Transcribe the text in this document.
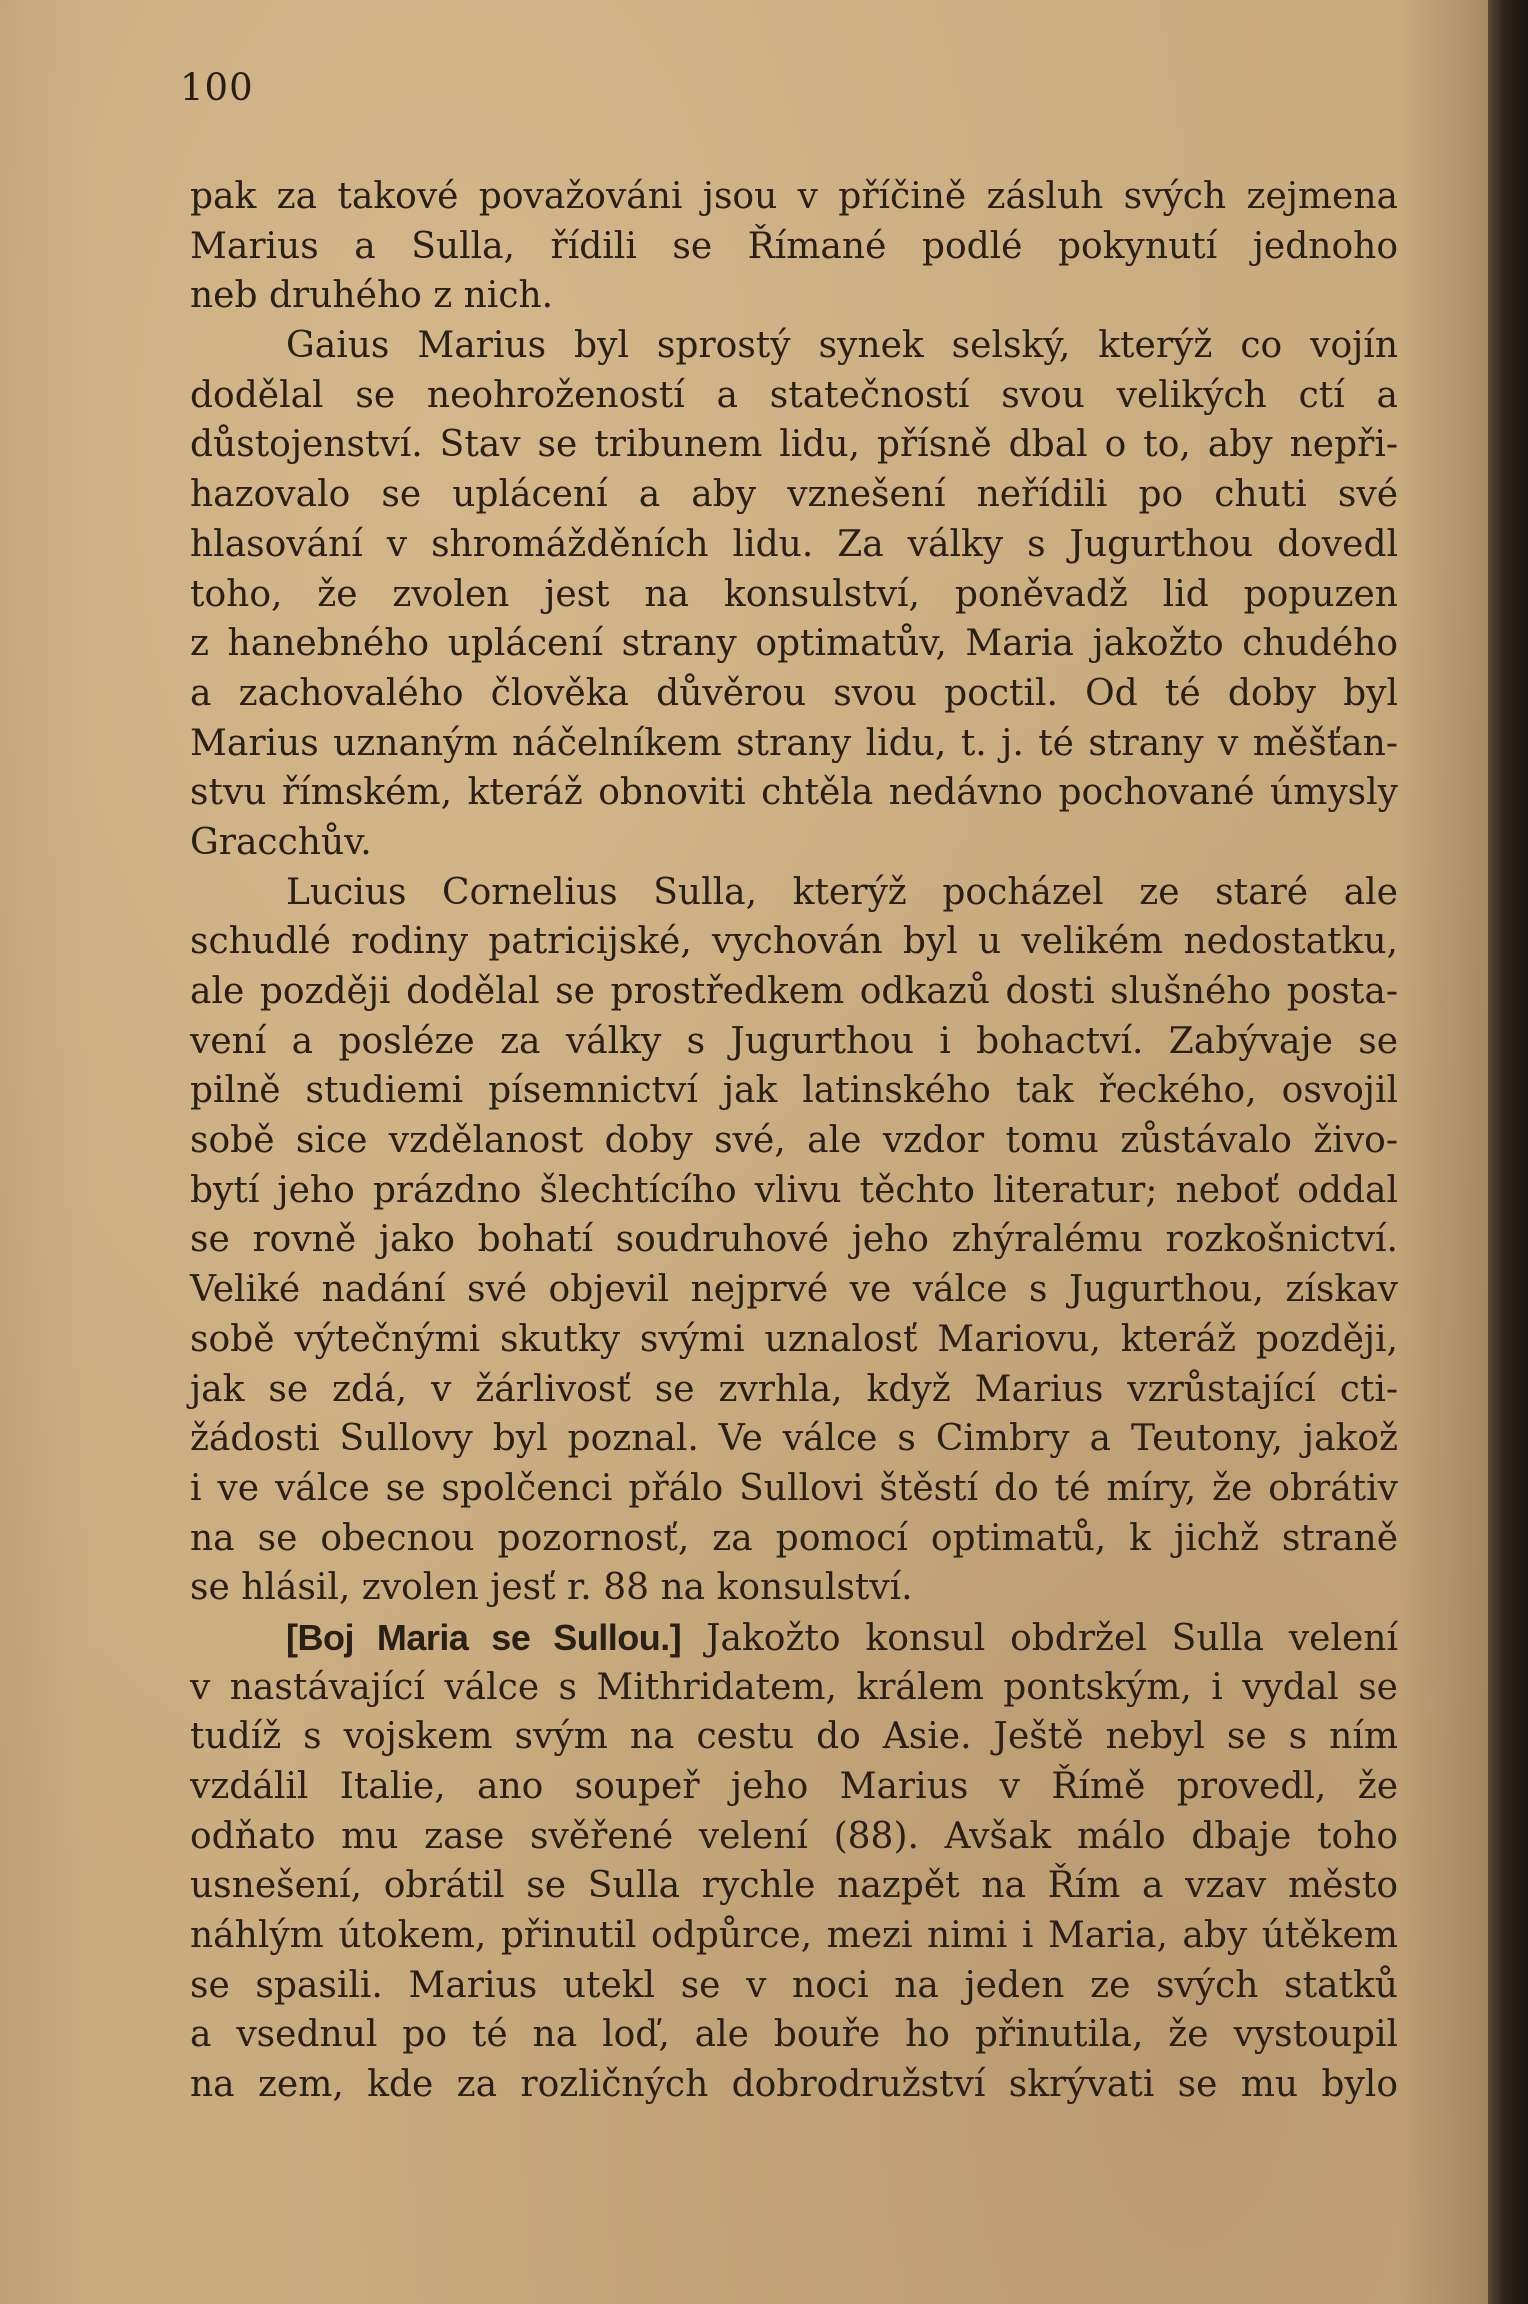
100
pak za takové považováni jsou v příčině zásluh svých zejmena
Marius a Sulla, řídili se Římané podlé pokynutí jednoho
neb druhého z nich.
Gaius Marius byl sprostý synek selský, kterýž co vojín
dodělal se neohrožeností a statečností svou velikých ctí a
důstojenství. Stav se tribunem lidu, přísně dbal o to, aby nepři-
hazovalo se uplácení a aby vznešení neřídili po chuti své
hlasování v shromážděních lidu. Za války s Jugurthou dovedl
toho, že zvolen jest na konsulství, poněvadž lid popuzen
z hanebného uplácení strany optimatův, Maria jakožto chudého
a zachovalého člověka důvěrou svou poctil. Od té doby byl
Marius uznaným náčelníkem strany lidu, t. j. té strany v měšťan-
stvu římském, kteráž obnoviti chtěla nedávno pochované úmysly
Gracchův.
Lucius Cornelius Sulla, kterýž pocházel ze staré ale
schudlé rodiny patricijské, vychován byl u velikém nedostatku,
ale později dodělal se prostředkem odkazů dosti slušného posta-
vení a posléze za války s Jugurthou i bohactví. Zabývaje se
pilně studiemi písemnictví jak latinského tak řeckého, osvojil
sobě sice vzdělanost doby své, ale vzdor tomu zůstávalo živo-
bytí jeho prázdno šlechtícího vlivu těchto literatur; neboť oddal
se rovně jako bohatí soudruhové jeho zhýralému rozkošnictví.
Veliké nadání své objevil nejprvé ve válce s Jugurthou, získav
sobě výtečnými skutky svými uznalosť Mariovu, kteráž později,
jak se zdá, v žárlivosť se zvrhla, když Marius vzrůstající cti-
žádosti Sullovy byl poznal. Ve válce s Cimbry a Teutony, jakož
i ve válce se spolčenci přálo Sullovi štěstí do té míry, že obrátiv
na se obecnou pozornosť, za pomocí optimatů, k jichž straně
se hlásil, zvolen jesť r. 88 na konsulství.
[Boj Maria se Sullou.] Jakožto konsul obdržel Sulla velení
v nastávající válce s Mithridatem, králem pontským, i vydal se
tudíž s vojskem svým na cestu do Asie. Ještě nebyl se s ním
vzdálil Italie, ano soupeř jeho Marius v Římě provedl, že
odňato mu zase svěřené velení (88). Avšak málo dbaje toho
usnešení, obrátil se Sulla rychle nazpět na Řím a vzav město
náhlým útokem, přinutil odpůrce, mezi nimi i Maria, aby útěkem
se spasili. Marius utekl se v noci na jeden ze svých statků
a vsednul po té na loď, ale bouře ho přinutila, že vystoupil
na zem, kde za rozličných dobrodružství skrývati se mu bylo
